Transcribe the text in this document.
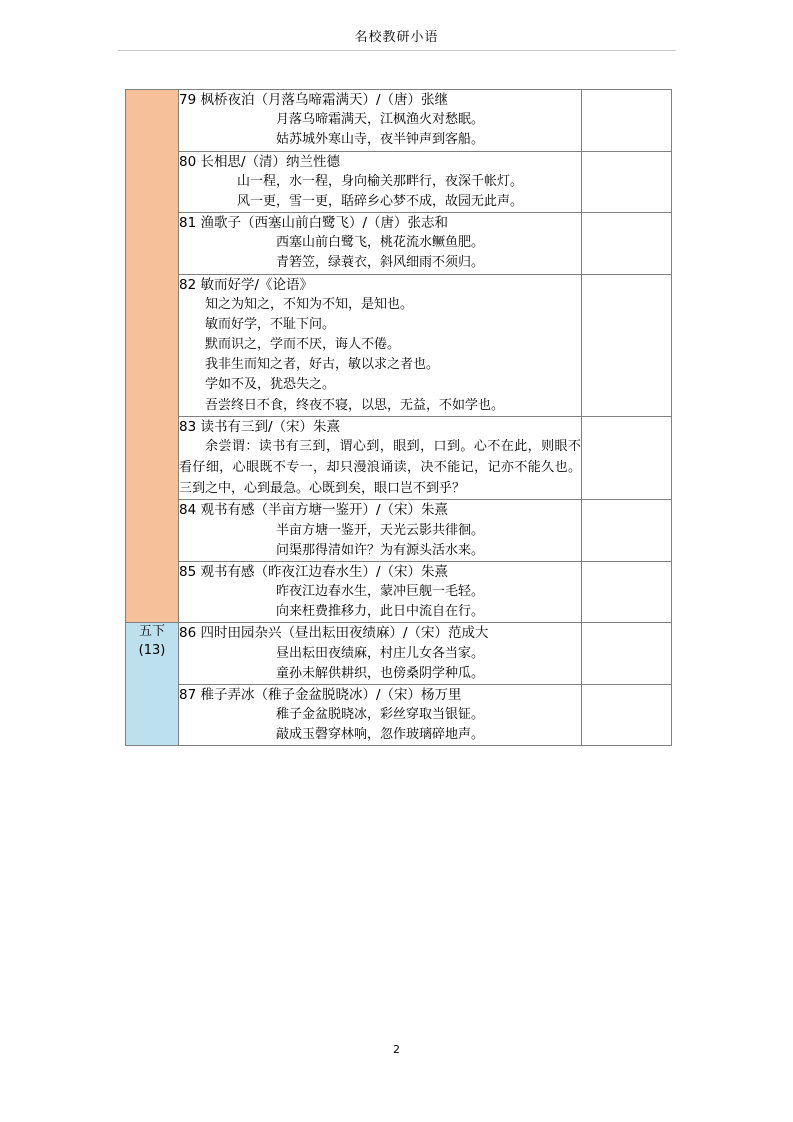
名校教研小语

	79 枫桥夜泊（月落乌啼霜满天）/（唐）张继
月落乌啼霜满天，江枫渔火对愁眠。
姑苏城外寒山寺，夜半钟声到客船。	

	80 长相思/（清）纳兰性德
山一程，水一程，身向榆关那畔行，夜深千帐灯。
风一更，雪一更，聒碎乡心梦不成，故园无此声。	

	81 渔歌子（西塞山前白鹭飞）/（唐）张志和
西塞山前白鹭飞，桃花流水鳜鱼肥。
青箬笠，绿蓑衣，斜风细雨不须归。	

82 敏而好学/《论语》
知之为知之，不知为不知，是知也。
敏而好学，不耻下问。
默而识之，学而不厌，诲人不倦。
我非生而知之者，好古，敏以求之者也。
学如不及，犹恐失之。
吾尝终日不食，终夜不寝，以思，无益，不如学也。

	83 读书有三到/（宋）朱熹
余尝谓：读书有三到，谓心到，眼到，口到。心不在此，则眼不看仔细，心眼既不专一，却只漫浪诵读，决不能记，记亦不能久也。三到之中，心到最急。心既到矣，眼口岂不到乎？	

	84 观书有感（半亩方塘一鉴开）/（宋）朱熹
半亩方塘一鉴开，天光云影共徘徊。
问渠那得清如许？为有源头活水来。	

	85 观书有感（昨夜江边春水生）/（宋）朱熹
昨夜江边春水生，蒙冲巨舰一毛轻。
向来枉费推移力，此日中流自在行。	

五下
(13)

86 四时田园杂兴（昼出耘田夜绩麻）/（宋）范成大
昼出耘田夜绩麻，村庄儿女各当家。
童孙未解供耕织，也傍桑阴学种瓜。

	87 稚子弄冰（稚子金盆脱晓冰）/（宋）杨万里
稚子金盆脱晓冰，彩丝穿取当银钲。
敲成玉磬穿林响，忽作玻璃碎地声。	

2
